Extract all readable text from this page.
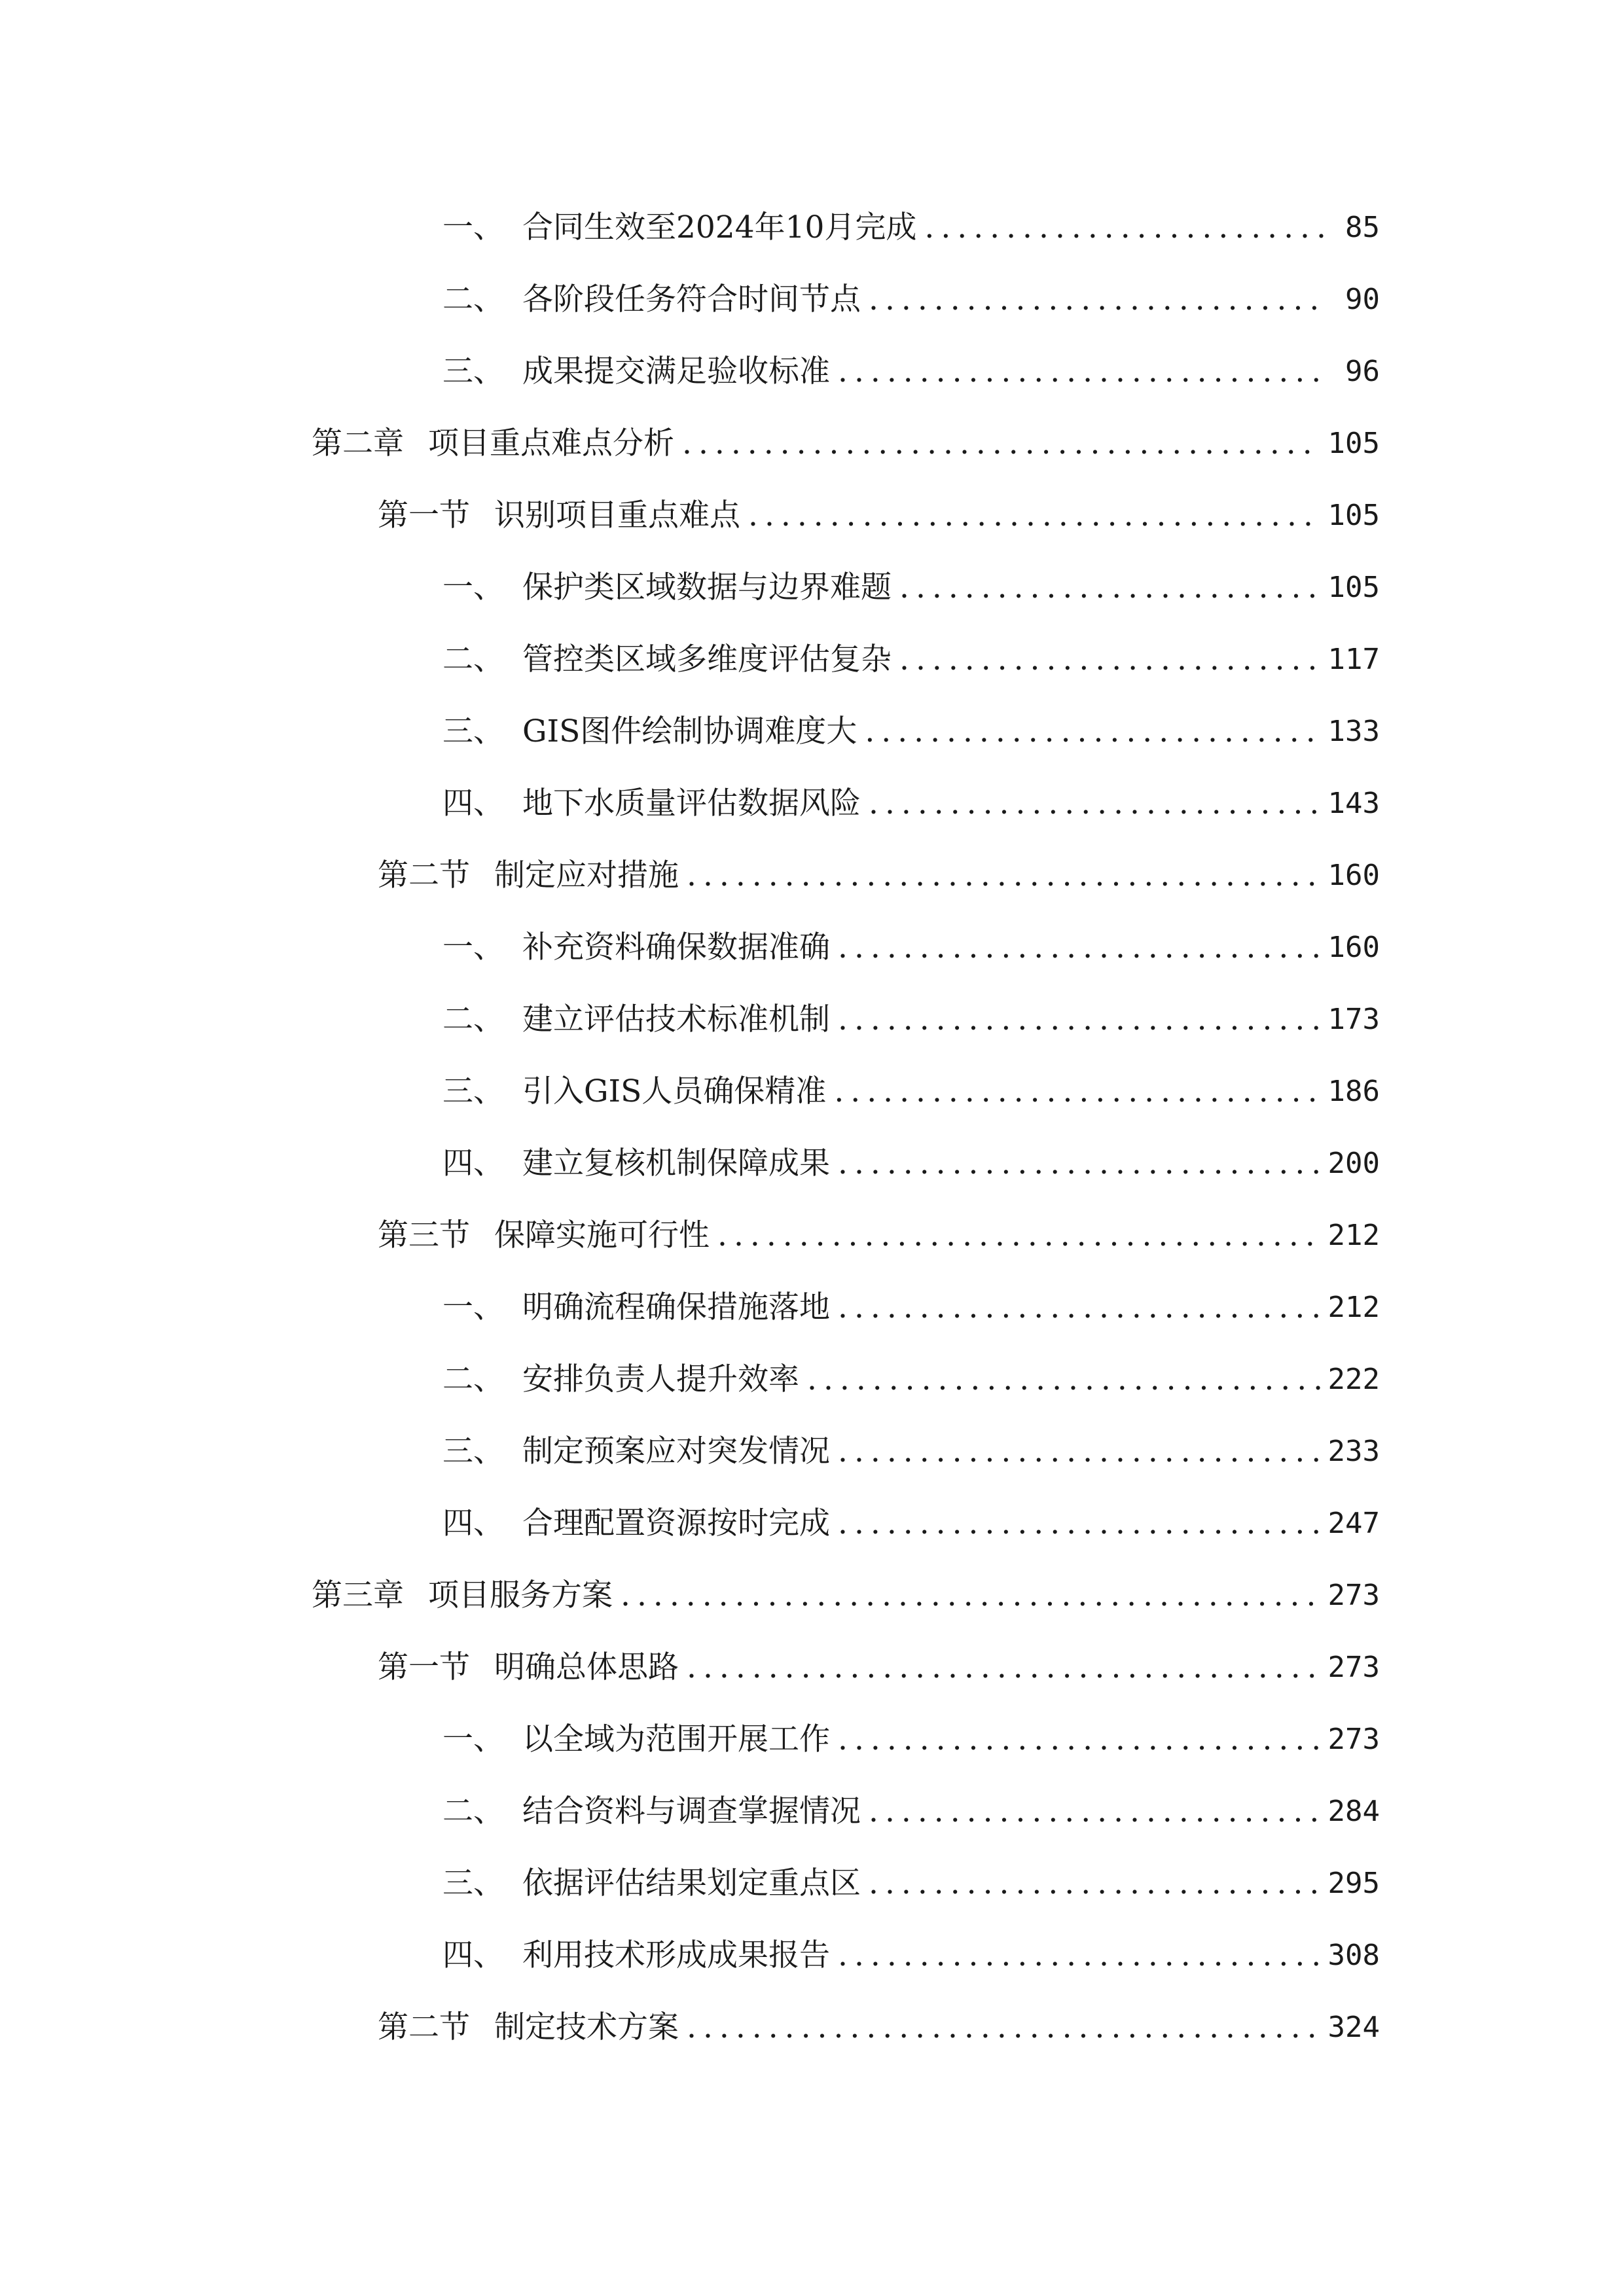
一、 合同生效至2024年10月完成 .....	85
二、 各阶段任务符合时间节点 .....	90
三、 成果提交满足验收标准 .....	96
第二章 项目重点难点分析 .....	105
第一节 识别项目重点难点 .....	105
一、 保护类区域数据与边界难题 .....	105
二、 管控类区域多维度评估复杂 .....	117
三、 GIS图件绘制协调难度大 .....	133
四、 地下水质量评估数据风险 .....	143
第二节 制定应对措施 .....	160
一、 补充资料确保数据准确 .....	160
二、 建立评估技术标准机制 .....	173
三、 引入GIS人员确保精准 .....	186
四、 建立复核机制保障成果 .....	200
第三节 保障实施可行性 .....	212
一、 明确流程确保措施落地 .....	212
二、 安排负责人提升效率 .....	222
三、 制定预案应对突发情况 .....	233
四、 合理配置资源按时完成 .....	247
第三章 项目服务方案 .....	273
第一节 明确总体思路 .....	273
一、 以全域为范围开展工作 .....	273
二、 结合资料与调查掌握情况 .....	284
三、 依据评估结果划定重点区 .....	295
四、 利用技术形成成果报告 .....	308
第二节 制定技术方案 .....	324
